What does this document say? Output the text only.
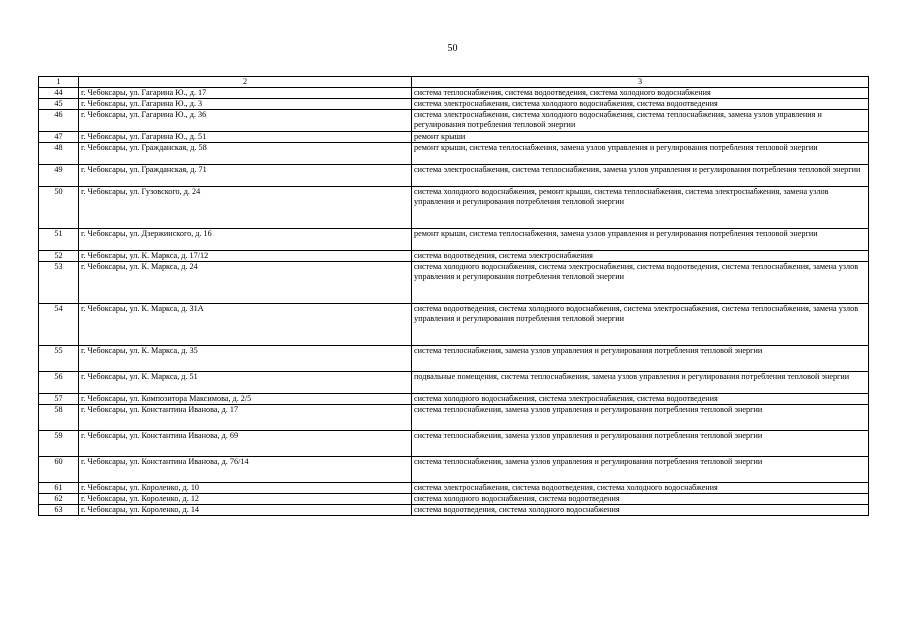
50
1	2	3
44	г. Чебоксары, ул. Гагарина Ю., д. 17	система теплоснабжения, система водоотведения, система холодного водоснабжения
45	г. Чебоксары, ул. Гагарина Ю., д. 3	система электроснабжения, система холодного водоснабжения, система водоотведения
46	г. Чебоксары, ул. Гагарина Ю., д. 36	система электроснабжения, система холодного водоснабжения, система теплоснабжения, замена узлов управления и регулирования потребления тепловой энергии
47	г. Чебоксары, ул. Гагарина Ю., д. 51	ремонт крыши
48	г. Чебоксары, ул. Гражданская, д. 58	ремонт крыши, система теплоснабжения, замена узлов управления и регулирования потребления тепловой энергии
49	г. Чебоксары, ул. Гражданская, д. 71	система электроснабжения, система теплоснабжения, замена узлов управления и регулирования потребления тепловой энергии
50	г. Чебоксары, ул. Гузовского, д. 24	система холодного водоснабжения, ремонт крыши, система теплоснабжения, система электроснабжения, замена узлов управления и регулирования потребления тепловой энергии
51	г. Чебоксары, ул. Дзержинского, д. 16	ремонт крыши, система теплоснабжения, замена узлов управления и регулирования потребления тепловой энергии
52	г. Чебоксары, ул. К. Маркса, д. 17/12	система водоотведения, система электроснабжения
53	г. Чебоксары, ул. К. Маркса, д. 24	система холодного водоснабжения, система электроснабжения, система водоотведения, система теплоснабжения, замена узлов управления и регулирования потребления тепловой энергии
54	г. Чебоксары, ул. К. Маркса, д. 31А	система водоотведения, система холодного водоснабжения, система электроснабжения, система теплоснабжения, замена узлов управления и регулирования потребления тепловой энергии
55	г. Чебоксары, ул. К. Маркса, д. 35	система теплоснабжения, замена узлов управления и регулирования потребления тепловой энергии
56	г. Чебоксары, ул. К. Маркса, д. 51	подвальные помещения, система теплоснабжения, замена узлов управления и регулирования потребления тепловой энергии
57	г. Чебоксары, ул. Композитора Максимова, д. 2/5	система холодного водоснабжения, система электроснабжения, система водоотведения
58	г. Чебоксары, ул. Константина Иванова, д. 17	система теплоснабжения, замена узлов управления и регулирования потребления тепловой энергии
59	г. Чебоксары, ул. Константина Иванова, д. 69	система теплоснабжения, замена узлов управления и регулирования потребления тепловой энергии
60	г. Чебоксары, ул. Константина Иванова, д. 76/14	система теплоснабжения, замена узлов управления и регулирования потребления тепловой энергии
61	г. Чебоксары, ул. Короленко, д. 10	система электроснабжения, система водоотведения, система холодного водоснабжения
62	г. Чебоксары, ул. Короленко, д. 12	система холодного водоснабжения, система водоотведения
63	г. Чебоксары, ул. Короленко, д. 14	система водоотведения, система холодного водоснабжения
